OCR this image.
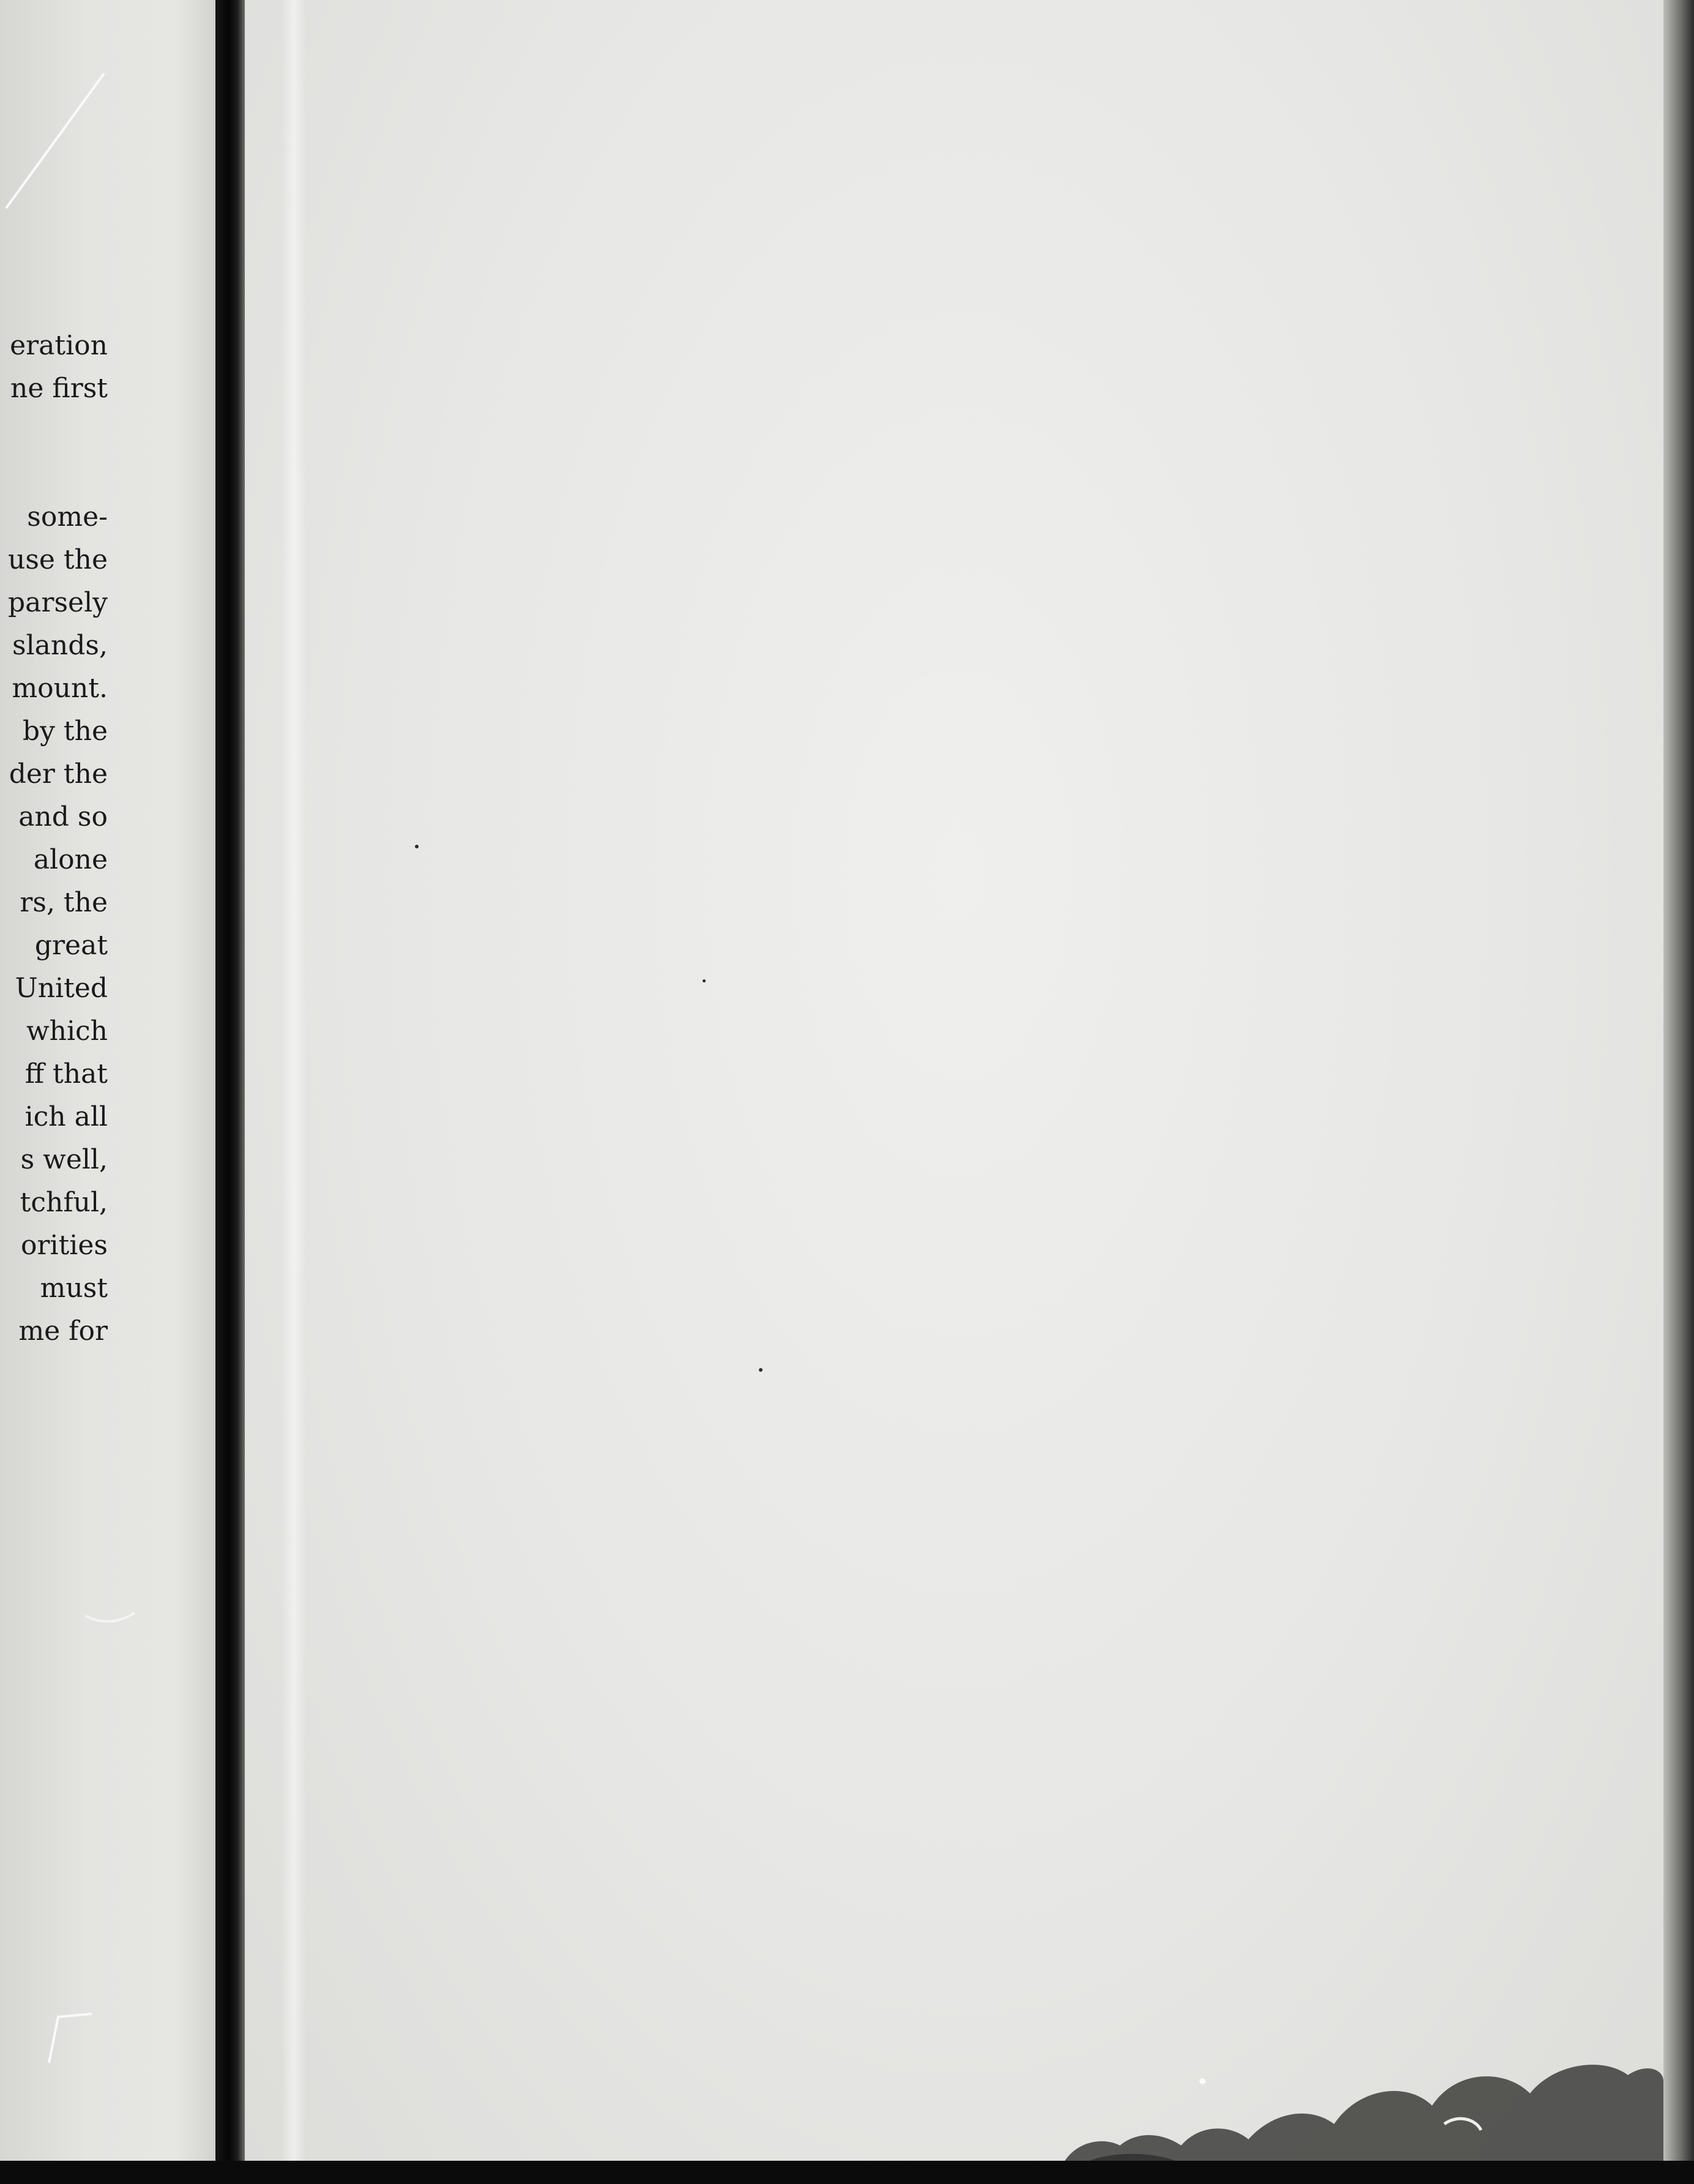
eration
ne first
some-
use the
parsely
slands,
mount.
by the
der the
and so
alone
rs, the
great
United
which
ff that
ich all
s well,
tchful,
orities
must
me for
